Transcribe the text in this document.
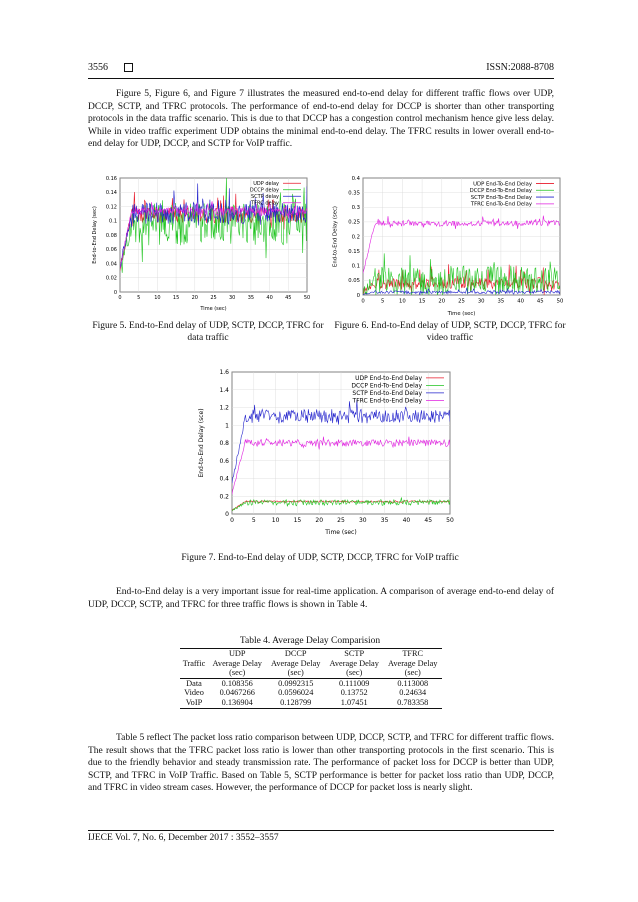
3556	ISSN:2088-8708

Figure 5, Figure 6, and Figure 7 illustrates the measured end-to-end delay for different traffic flows over UDP, DCCP, SCTP, and TFRC protocols. The performance of end-to-end delay for DCCP is shorter than other transporting protocols in the data traffic scenario. This is due to that DCCP has a congestion control mechanism hence give less delay. While in video traffic experiment UDP obtains the minimal end-to-end delay. The TFRC results in lower overall end-to-end delay for UDP, DCCP, and SCTP for VoIP traffic.

0	5	10 15 20 25 30 35 40 45 50
0
0.02
0.04
0.06
0.08
0.1
0.12
0.14
0.16
Time (sec)
End-to-End Delay (sec)
UDP delay
DCCP delay
SCTP delay
TFRC delay
0	5	10 15 20 25 30 35 40 45 50
0
0.05
0.1
0.15
0.2
0.25
0.3
0.35
0.4
Time (sec)
End-to-End Delay (sec)
UDP End-To-End Delay
DCCP End-To-End Delay
SCTP End-To-End Delay
TFRC End-To-End Delay
Figure 5. End-to-End delay of UDP, SCTP, DCCP, TFRC for data traffic
Figure 6. End-to-End delay of UDP, SCTP, DCCP, TFRC for video traffic
0	5	10 15 20 25 30 35 40 45 50
0
0.2
0.4
0.6
0.8
1
1.2
1.4
1.6
Time (sec)
End-to-End Delay (sce)
UDP End-to-End Delay
DCCP End-To-End Delay
SCTP End-to-End Delay
TFRC End-to-End Delay
Figure 7. End-to-End delay of UDP, SCTP, DCCP, TFRC for VoIP traffic

End-to-End delay is a very important issue for real-time application. A comparison of average end-to-end delay of UDP, DCCP, SCTP, and TFRC for three traffic flows is shown in Table 4.

Table 4. Average Delay Comparision
	UDP	DCCP	SCTP	TFRC
Traffic	Average Delay	Average Delay	Average Delay	Average Delay
	(sec)	(sec)	(sec)	(sec)
Data	0.108356	0.0992315	0.111009	0.113008
Video	0.0467266	0.0596024	0.13752	0.24634
VoIP	0.136904	0.128799	1.07451	0.783358

Table 5 reflect The packet loss ratio comparison between UDP, DCCP, SCTP, and TFRC for different traffic flows. The result shows that the TFRC packet loss ratio is lower than other transporting protocols in the first scenario. This is due to the friendly behavior and steady transmission rate. The performance of packet loss for DCCP is better than UDP, SCTP, and TFRC in VoIP Traffic. Based on Table 5, SCTP performance is better for packet loss ratio than UDP, DCCP, and TFRC in video stream cases. However, the performance of DCCP for packet loss is nearly slight.

IJECE Vol. 7, No. 6, December 2017 : 3552–3557
